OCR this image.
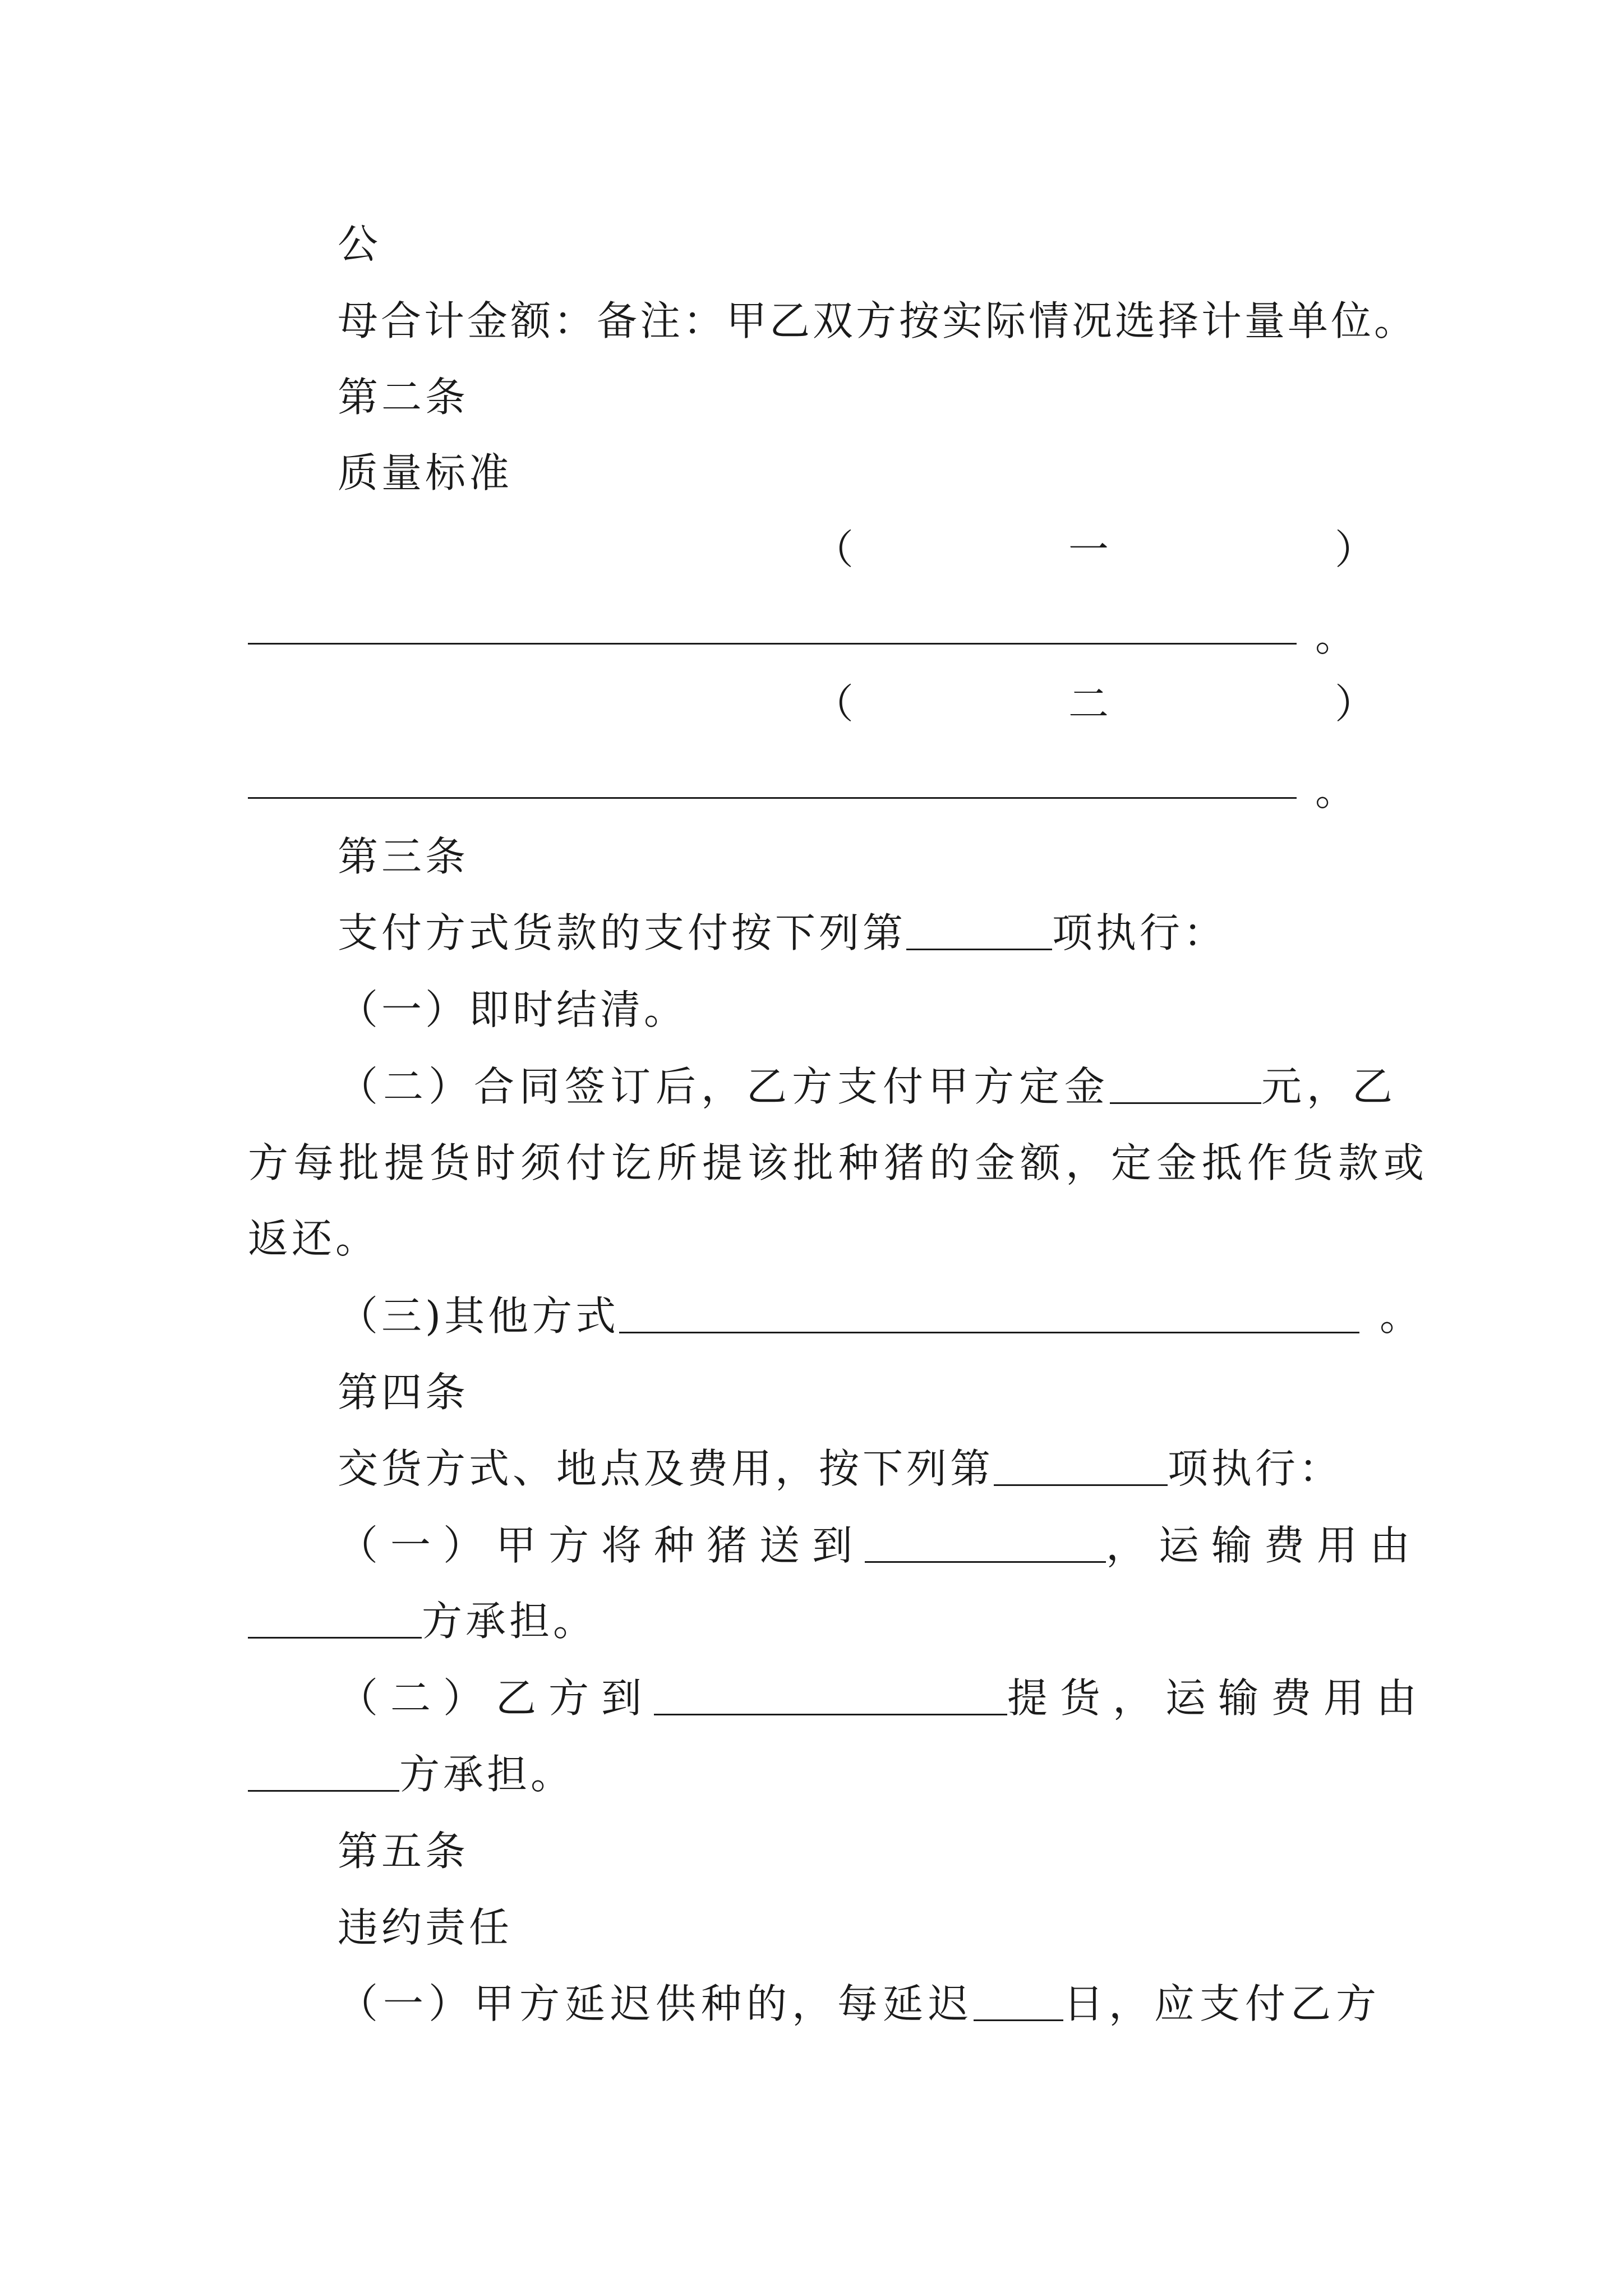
公
母合计金额：备注：甲乙双方按实际情况选择计量单位。
第二条
质量标准
（	一	）
。
（	二	）
。
第三条
支付方式货款的支付按下列第	项执行：
（一）即时结清。
（二）合同签订后，乙方支付甲方定金	元，乙
方每批提货时须付讫所提该批种猪的金额，定金抵作货款或
返还。
（三)其他方式	。
第四条
交货方式、地点及费用，按下列第	项执行：
（一）甲方将种猪送到	，运输费用由
方承担。
（二）乙方到	提货，运输费用由
方承担。
第五条
违约责任
（一）甲方延迟供种的，每延迟 日，应支付乙方
